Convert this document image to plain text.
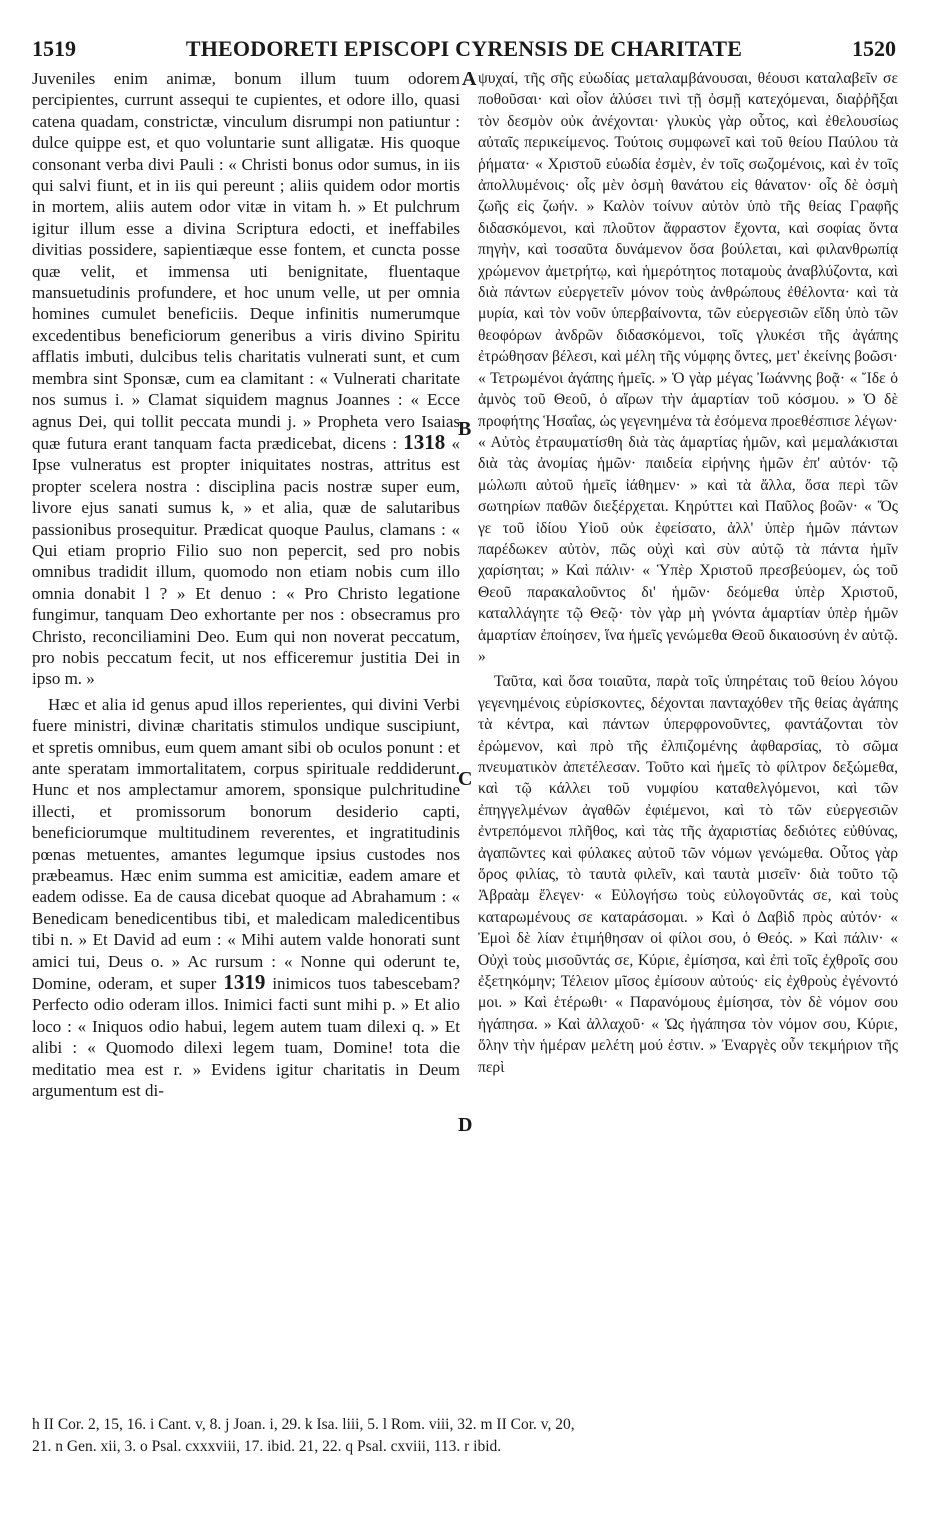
1519	THEODORETI EPISCOPI CYRENSIS DE CHARITATE	1520

Juveniles enim animæ, bonum illum tuum odorem percipientes, currunt assequi te cupientes, et odore illo, quasi catena quadam, constrictæ, vinculum disrumpi non patiuntur : dulce quippe est, et quo voluntarie sunt alligatæ. His quoque consonant verba divi Pauli : « Christi bonus odor sumus, in iis qui salvi fiunt, et in iis qui pereunt ; aliis quidem odor mortis in mortem, aliis autem odor vitæ in vitam h. » Et pulchrum igitur illum esse a divina Scriptura edocti, et ineffabiles divitias possidere, sapientiæque esse fontem, et cuncta posse quæ velit, et immensa uti benignitate, fluentaque mansuetudinis profundere, et hoc unum velle, ut per omnia homines cumulet beneficiis. Deque infinitis numerumque excedentibus beneficiorum generibus a viris divino Spiritu afflatis imbuti, dulcibus telis charitatis vulnerati sunt, et cum membra sint Sponsæ, cum ea clamitant : « Vulnerati charitate nos sumus i. » Clamat siquidem magnus Joannes : « Ecce agnus Dei, qui tollit peccata mundi j. » Propheta vero Isaias quæ futura erant tanquam facta prædicebat, dicens : 1318 « Ipse vulneratus est propter iniquitates nostras, attritus est propter scelera nostra : disciplina pacis nostræ super eum, livore ejus sanati sumus k, » et alia, quæ de salutaribus passionibus prosequitur. Prædicat quoque Paulus, clamans : « Qui etiam proprio Filio suo non pepercit, sed pro nobis omnibus tradidit illum, quomodo non etiam nobis cum illo omnia donabit l ? » Et denuo : « Pro Christo legatione fungimur, tanquam Deo exhortante per nos : obsecramus pro Christo, reconciliamini Deo. Eum qui non noverat peccatum, pro nobis peccatum fecit, ut nos efficeremur justitia Dei in ipso m. »

Hæc et alia id genus apud illos reperientes, qui divini Verbi fuere ministri, divinæ charitatis stimulos undique suscipiunt, et spretis omnibus, eum quem amant sibi ob oculos ponunt : et ante speratam immortalitatem, corpus spirituale reddiderunt. Hunc et nos amplectamur amorem, sponsique pulchritudine illecti, et promissorum bonorum desiderio capti, beneficiorumque multitudinem reverentes, et ingratitudinis pœnas metuentes, amantes legumque ipsius custodes nos præbeamus. Hæc enim summa est amicitiæ, eadem amare et eadem odisse. Ea de causa dicebat quoque ad Abrahamum : « Benedicam benedicentibus tibi, et maledicam maledicentibus tibi n. » Et David ad eum : « Mihi autem valde honorati sunt amici tui, Deus o. » Ac rursum : « Nonne qui oderunt te, Domine, oderam, et super 1319 inimicos tuos tabescebam? Perfecto odio oderam illos. Inimici facti sunt mihi p. » Et alio loco : « Iniquos odio habui, legem autem tuam dilexi q. » Et alibi : « Quomodo dilexi legem tuam, Domine! tota die meditatio mea est r. » Evidens igitur charitatis in Deum argumentum est di-

A
B
C
D

ψυχαί, τῆς σῆς εὐωδίας μεταλαμβάνουσαι, θέουσι καταλαβεῖν σε ποθοῦσαι· καὶ οἷον ἁλύσει τινὶ τῇ ὀσμῇ κατεχόμεναι, διαῤῥῆξαι τὸν δεσμὸν οὐκ ἀνέχονται· γλυκὺς γὰρ οὗτος, καὶ ἐθελουσίως αὐταῖς περικείμενος. Τούτοις συμφωνεῖ καὶ τοῦ θείου Παύλου τὰ ῥήματα· « Χριστοῦ εὐωδία ἐσμὲν, ἐν τοῖς σωζομένοις, καὶ ἐν τοῖς ἀπολλυμένοις· οἷς μὲν ὀσμὴ θανάτου εἰς θάνατον· οἷς δὲ ὀσμὴ ζωῆς εἰς ζωήν. » Καλὸν τοίνυν αὐτὸν ὑπὸ τῆς θείας Γραφῆς διδασκόμενοι, καὶ πλοῦτον ἄφραστον ἔχοντα, καὶ σοφίας ὄντα πηγὴν, καὶ τοσαῦτα δυνάμενον ὅσα βούλεται, καὶ φιλανθρωπίᾳ χρώμενον ἀμετρήτῳ, καὶ ἡμερότητος ποταμοὺς ἀναβλύζοντα, καὶ διὰ πάντων εὐεργετεῖν μόνον τοὺς ἀνθρώπους ἐθέλοντα· καὶ τὰ μυρία, καὶ τὸν νοῦν ὑπερβαίνοντα, τῶν εὐεργεσιῶν εἴδη ὑπὸ τῶν θεοφόρων ἀνδρῶν διδασκόμενοι, τοῖς γλυκέσι τῆς ἀγάπης ἐτρώθησαν βέλεσι, καὶ μέλη τῆς νύμφης ὄντες, μετ' ἐκείνης βοῶσι· « Τετρωμένοι ἀγάπης ἡμεῖς. » Ὁ γὰρ μέγας Ἰωάννης βοᾷ· « Ἴδε ὁ ἀμνὸς τοῦ Θεοῦ, ὁ αἴρων τὴν ἁμαρτίαν τοῦ κόσμου. » Ὁ δὲ προφήτης Ἡσαΐας, ὡς γεγενημένα τὰ ἐσόμενα προεθέσπισε λέγων· « Αὐτὸς ἐτραυματίσθη διὰ τὰς ἁμαρτίας ἡμῶν, καὶ μεμαλάκισται διὰ τὰς ἀνομίας ἡμῶν· παιδεία εἰρήνης ἡμῶν ἐπ' αὐτόν· τῷ μώλωπι αὐτοῦ ἡμεῖς ἰάθημεν· » καὶ τὰ ἄλλα, ὅσα περὶ τῶν σωτηρίων παθῶν διεξέρχεται. Κηρύττει καὶ Παῦλος βοῶν· « Ὅς γε τοῦ ἰδίου Υἱοῦ οὐκ ἐφείσατο, ἀλλ' ὑπὲρ ἡμῶν πάντων παρέδωκεν αὐτὸν, πῶς οὐχὶ καὶ σὺν αὐτῷ τὰ πάντα ἡμῖν χαρίσηται; » Καὶ πάλιν· « Ὑπὲρ Χριστοῦ πρεσβεύομεν, ὡς τοῦ Θεοῦ παρακαλοῦντος δι' ἡμῶν· δεόμεθα ὑπὲρ Χριστοῦ, καταλλάγητε τῷ Θεῷ· τὸν γὰρ μὴ γνόντα ἁμαρτίαν ὑπὲρ ἡμῶν ἁμαρτίαν ἐποίησεν, ἵνα ἡμεῖς γενώμεθα Θεοῦ δικαιοσύνη ἐν αὐτῷ. »

Ταῦτα, καὶ ὅσα τοιαῦτα, παρὰ τοῖς ὑπηρέταις τοῦ θείου λόγου γεγενημένοις εὑρίσκοντες, δέχονται πανταχόθεν τῆς θείας ἀγάπης τὰ κέντρα, καὶ πάντων ὑπερφρονοῦντες, φαντάζονται τὸν ἐρώμενον, καὶ πρὸ τῆς ἐλπιζομένης ἀφθαρσίας, τὸ σῶμα πνευματικὸν ἀπετέλεσαν. Τοῦτο καὶ ἡμεῖς τὸ φίλτρον δεξώμεθα, καὶ τῷ κάλλει τοῦ νυμφίου καταθελγόμενοι, καὶ τῶν ἐπηγγελμένων ἀγαθῶν ἐφιέμενοι, καὶ τὸ τῶν εὐεργεσιῶν ἐντρεπόμενοι πλῆθος, καὶ τὰς τῆς ἀχαριστίας δεδιότες εὐθύνας, ἀγαπῶντες καὶ φύλακες αὐτοῦ τῶν νόμων γενώμεθα. Οὗτος γὰρ ὅρος φιλίας, τὸ ταυτὰ φιλεῖν, καὶ ταυτὰ μισεῖν· διὰ τοῦτο τῷ Ἀβραὰμ ἔλεγεν· « Εὐλογήσω τοὺς εὐλογοῦντάς σε, καὶ τοὺς καταρωμένους σε καταράσομαι. » Καὶ ὁ Δαβὶδ πρὸς αὐτόν· « Ἐμοὶ δὲ λίαν ἐτιμήθησαν οἱ φίλοι σου, ὁ Θεός. » Καὶ πάλιν· « Οὐχὶ τοὺς μισοῦντάς σε, Κύριε, ἐμίσησα, καὶ ἐπὶ τοῖς ἐχθροῖς σου ἐξετηκόμην; Τέλειον μῖσος ἐμίσουν αὐτούς· εἰς ἐχθροὺς ἐγένοντό μοι. » Καὶ ἑτέρωθι· « Παρανόμους ἐμίσησα, τὸν δὲ νόμον σου ἠγάπησα. » Καὶ ἀλλαχοῦ· « Ὡς ἠγάπησα τὸν νόμον σου, Κύριε, ὅλην τὴν ἡμέραν μελέτη μού ἐστιν. » Ἐναργὲς οὖν τεκμήριον τῆς περὶ

h II Cor. 2, 15, 16. i Cant. v, 8. j Joan. i, 29. k Isa. liii, 5. l Rom. viii, 32. m II Cor. v, 20,

21. n Gen. xii, 3. o Psal. cxxxviii, 17. ibid. 21, 22. q Psal. cxviii, 113. r ibid.
